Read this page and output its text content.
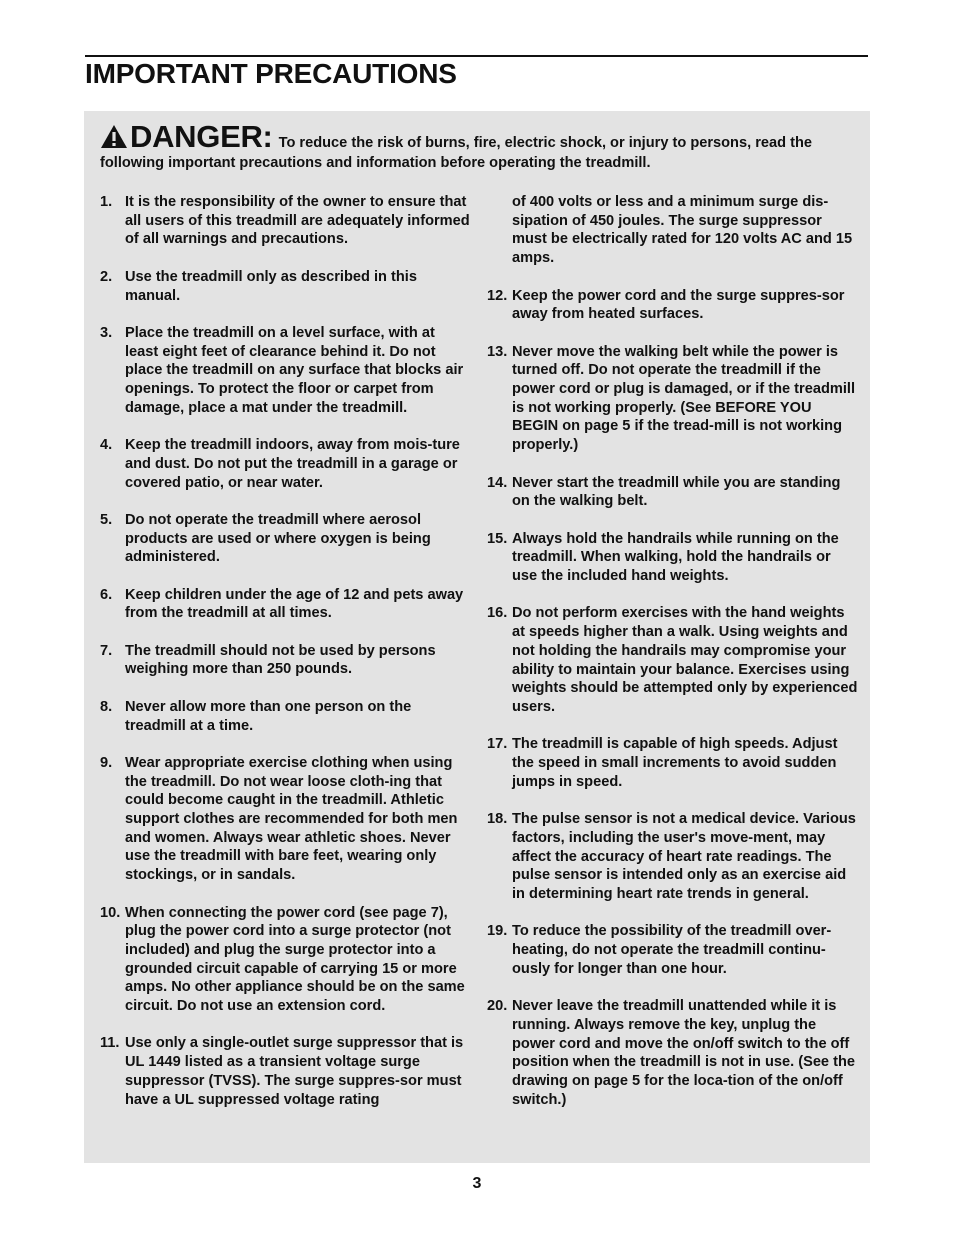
IMPORTANT PRECAUTIONS
DANGER: To reduce the risk of burns, fire, electric shock, or injury to persons, read the following important precautions and information before operating the treadmill.
1. It is the responsibility of the owner to ensure that all users of this treadmill are adequately informed of all warnings and precautions.
2. Use the treadmill only as described in this manual.
3. Place the treadmill on a level surface, with at least eight feet of clearance behind it. Do not place the treadmill on any surface that blocks air openings. To protect the floor or carpet from damage, place a mat under the treadmill.
4. Keep the treadmill indoors, away from mois-ture and dust. Do not put the treadmill in a garage or covered patio, or near water.
5. Do not operate the treadmill where aerosol products are used or where oxygen is being administered.
6. Keep children under the age of 12 and pets away from the treadmill at all times.
7. The treadmill should not be used by persons weighing more than 250 pounds.
8. Never allow more than one person on the treadmill at a time.
9. Wear appropriate exercise clothing when using the treadmill. Do not wear loose cloth-ing that could become caught in the treadmill. Athletic support clothes are recommended for both men and women. Always wear athletic shoes. Never use the treadmill with bare feet, wearing only stockings, or in sandals.
10. When connecting the power cord (see page 7), plug the power cord into a surge protector (not included) and plug the surge protector into a grounded circuit capable of carrying 15 or more amps. No other appliance should be on the same circuit. Do not use an extension cord.
11. Use only a single-outlet surge suppressor that is UL 1449 listed as a transient voltage surge suppressor (TVSS). The surge suppres-sor must have a UL suppressed voltage rating
of 400 volts or less and a minimum surge dis-sipation of 450 joules. The surge suppressor must be electrically rated for 120 volts AC and 15 amps.
12. Keep the power cord and the surge suppres-sor away from heated surfaces.
13. Never move the walking belt while the power is turned off. Do not operate the treadmill if the power cord or plug is damaged, or if the treadmill is not working properly. (See BEFORE YOU BEGIN on page 5 if the tread-mill is not working properly.)
14. Never start the treadmill while you are standing on the walking belt.
15. Always hold the handrails while running on the treadmill. When walking, hold the handrails or use the included hand weights.
16. Do not perform exercises with the hand weights at speeds higher than a walk. Using weights and not holding the handrails may compromise your ability to maintain your balance. Exercises using weights should be attempted only by experienced users.
17. The treadmill is capable of high speeds. Adjust the speed in small increments to avoid sudden jumps in speed.
18. The pulse sensor is not a medical device. Various factors, including the user's move-ment, may affect the accuracy of heart rate readings. The pulse sensor is intended only as an exercise aid in determining heart rate trends in general.
19. To reduce the possibility of the treadmill over-heating, do not operate the treadmill continu-ously for longer than one hour.
20. Never leave the treadmill unattended while it is running. Always remove the key, unplug the power cord and move the on/off switch to the off position when the treadmill is not in use. (See the drawing on page 5 for the loca-tion of the on/off switch.)
3
